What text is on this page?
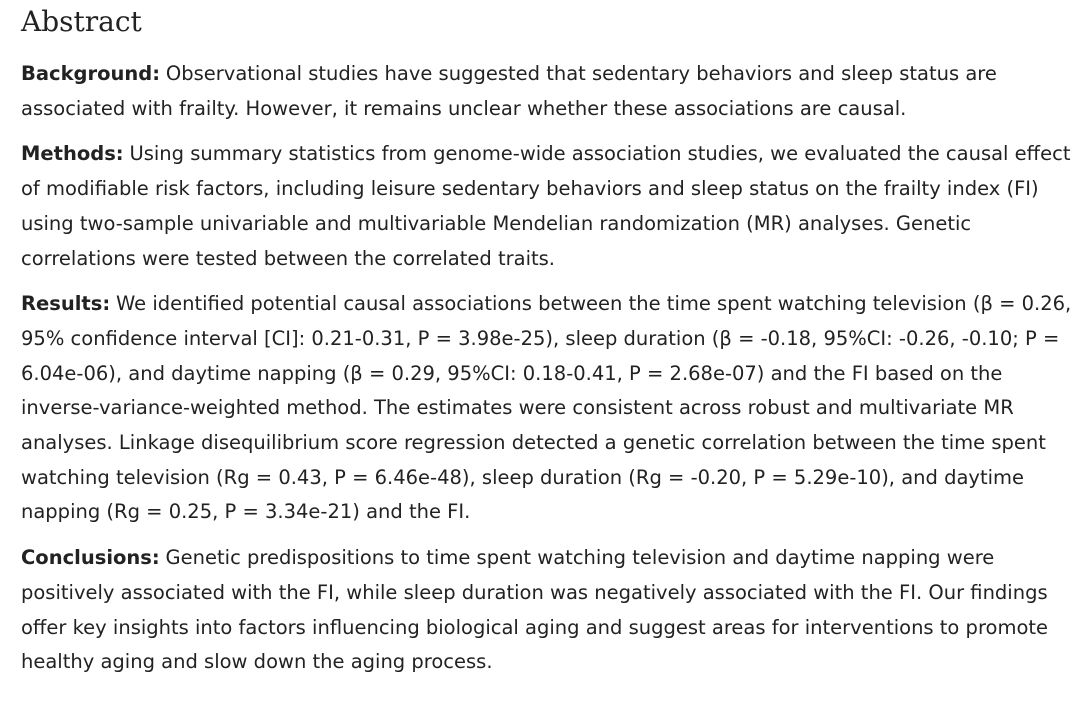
Abstract

Background: Observational studies have suggested that sedentary behaviors and sleep status are associated with frailty. However, it remains unclear whether these associations are causal.

Methods: Using summary statistics from genome-wide association studies, we evaluated the causal effect of modifiable risk factors, including leisure sedentary behaviors and sleep status on the frailty index (FI) using two-sample univariable and multivariable Mendelian randomization (MR) analyses. Genetic correlations were tested between the correlated traits.

Results: We identified potential causal associations between the time spent watching television (β = 0.26, 95% confidence interval [CI]: 0.21-0.31, P = 3.98e-25), sleep duration (β = -0.18, 95%CI: -0.26, -0.10; P = 6.04e-06), and daytime napping (β = 0.29, 95%CI: 0.18-0.41, P = 2.68e-07) and the FI based on the inverse-variance-weighted method. The estimates were consistent across robust and multivariate MR analyses. Linkage disequilibrium score regression detected a genetic correlation between the time spent watching television (Rg = 0.43, P = 6.46e-48), sleep duration (Rg = -0.20, P = 5.29e-10), and daytime napping (Rg = 0.25, P = 3.34e-21) and the FI.

Conclusions: Genetic predispositions to time spent watching television and daytime napping were positively associated with the FI, while sleep duration was negatively associated with the FI. Our findings offer key insights into factors influencing biological aging and suggest areas for interventions to promote healthy aging and slow down the aging process.
